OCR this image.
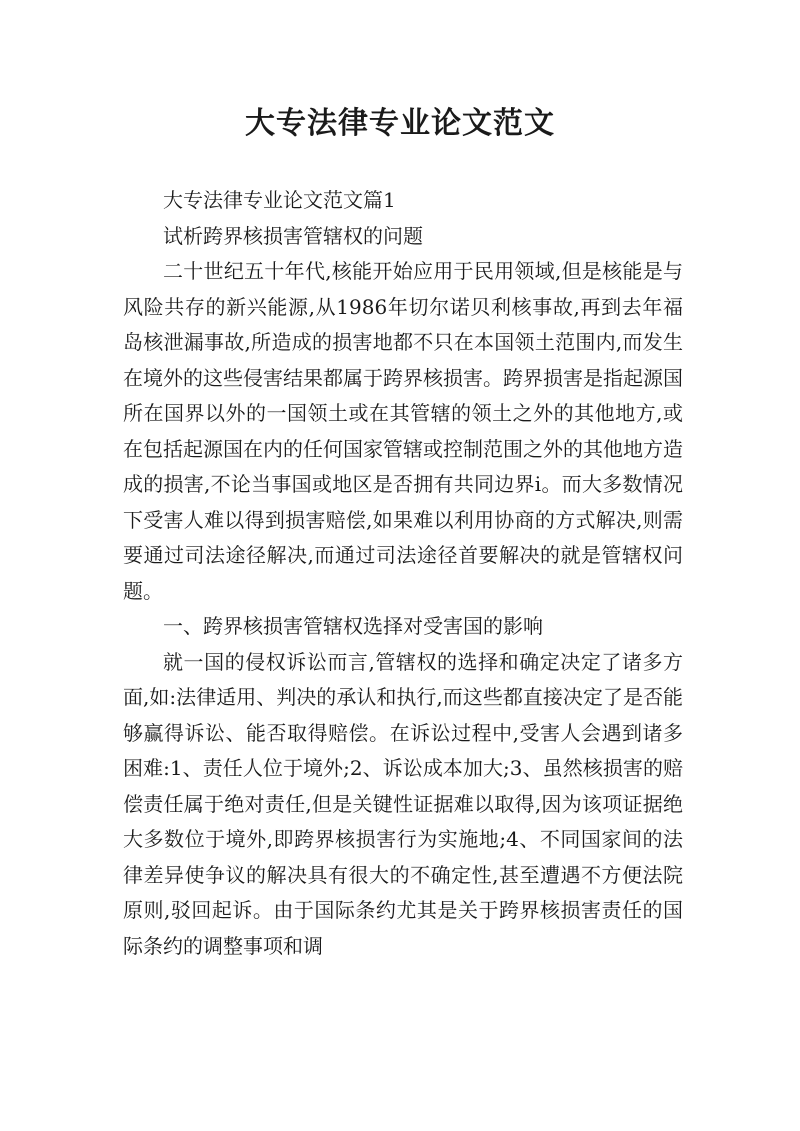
大专法律专业论文范文

大专法律专业论文范文篇1

试析跨界核损害管辖权的问题

二十世纪五十年代,核能开始应用于民用领域,但是核能是与风险共存的新兴能源,从1986年切尔诺贝利核事故,再到去年福岛核泄漏事故,所造成的损害地都不只在本国领土范围内,而发生在境外的这些侵害结果都属于跨界核损害。跨界损害是指起源国所在国界以外的一国领土或在其管辖的领土之外的其他地方,或在包括起源国在内的任何国家管辖或控制范围之外的其他地方造成的损害,不论当事国或地区是否拥有共同边界i。而大多数情况下受害人难以得到损害赔偿,如果难以利用协商的方式解决,则需要通过司法途径解决,而通过司法途径首要解决的就是管辖权问题。

一、跨界核损害管辖权选择对受害国的影响

就一国的侵权诉讼而言,管辖权的选择和确定决定了诸多方面,如:法律适用、判决的承认和执行,而这些都直接决定了是否能够赢得诉讼、能否取得赔偿。在诉讼过程中,受害人会遇到诸多困难:1、责任人位于境外;2、诉讼成本加大;3、虽然核损害的赔偿责任属于绝对责任,但是关键性证据难以取得,因为该项证据绝大多数位于境外,即跨界核损害行为实施地;4、不同国家间的法律差异使争议的解决具有很大的不确定性,甚至遭遇不方便法院原则,驳回起诉。由于国际条约尤其是关于跨界核损害责任的国际条约的调整事项和调
